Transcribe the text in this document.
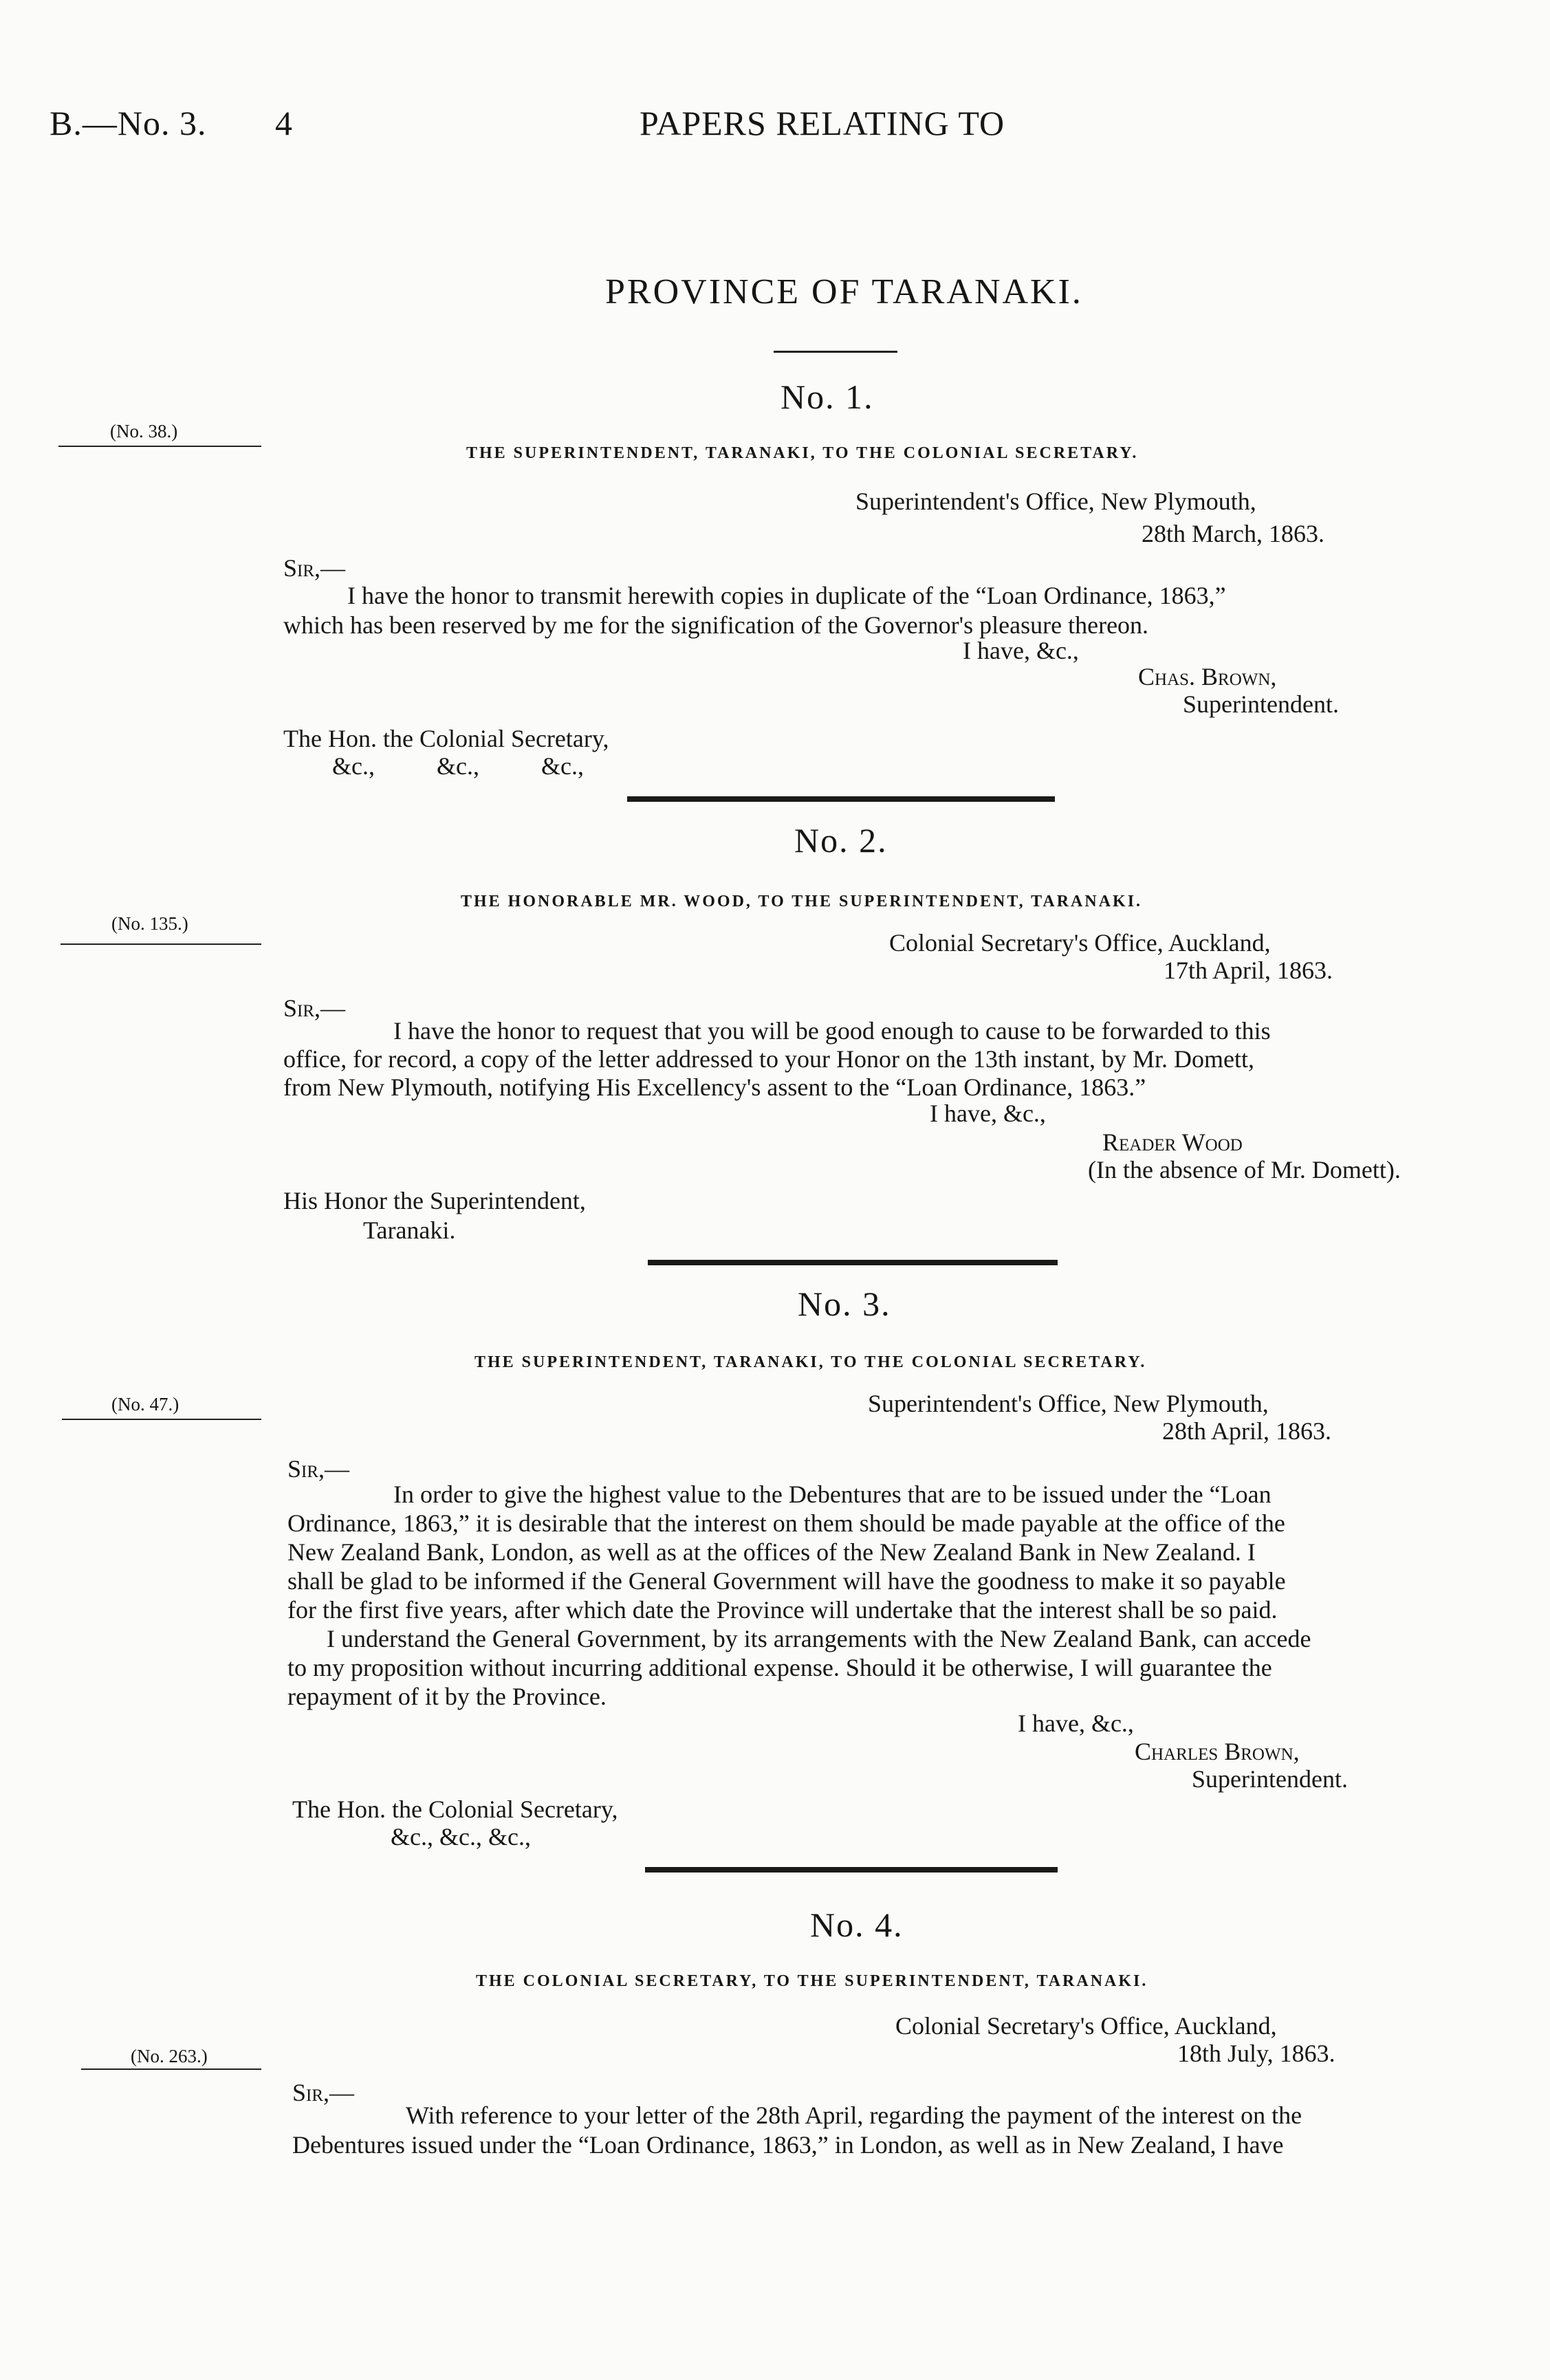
B.—No. 3. 4	PAPERS RELATING TO
PROVINCE OF TARANAKI.
No. 1.
(No. 38.)
THE SUPERINTENDENT, TARANAKI, TO THE COLONIAL SECRETARY.
Superintendent's Office, New Plymouth,
28th March, 1863.
Sir,—
I have the honor to transmit herewith copies in duplicate of the “Loan Ordinance, 1863,”
which has been reserved by me for the signification of the Governor's pleasure thereon.
I have, &c.,
Chas. Brown,
Superintendent.
The Hon. the Colonial Secretary,
&c.,          &c.,          &c.,
No. 2.
(No. 135.)
THE HONORABLE MR. WOOD, TO THE SUPERINTENDENT, TARANAKI.
Colonial Secretary's Office, Auckland,
17th April, 1863.
Sir,—
I have the honor to request that you will be good enough to cause to be forwarded to this
office, for record, a copy of the letter addressed to your Honor on the 13th instant, by Mr. Domett,
from New Plymouth, notifying His Excellency's assent to the “Loan Ordinance, 1863.”
I have, &c.,
Reader Wood
(In the absence of Mr. Domett).
His Honor the Superintendent,
Taranaki.
No. 3.
(No. 47.)
THE SUPERINTENDENT, TARANAKI, TO THE COLONIAL SECRETARY.
Superintendent's Office, New Plymouth,
28th April, 1863.
Sir,—
In order to give the highest value to the Debentures that are to be issued under the “Loan
Ordinance, 1863,” it is desirable that the interest on them should be made payable at the office of the
New Zealand Bank, London, as well as at the offices of the New Zealand Bank in New Zealand. I
shall be glad to be informed if the General Government will have the goodness to make it so payable
for the first five years, after which date the Province will undertake that the interest shall be so paid.
I understand the General Government, by its arrangements with the New Zealand Bank, can accede
to my proposition without incurring additional expense. Should it be otherwise, I will guarantee the
repayment of it by the Province.
I have, &c.,
Charles Brown,
Superintendent.
The Hon. the Colonial Secretary,
&c., &c., &c.,
No. 4.
(No. 263.)
THE COLONIAL SECRETARY, TO THE SUPERINTENDENT, TARANAKI.
Colonial Secretary's Office, Auckland,
18th July, 1863.
Sir,—
With reference to your letter of the 28th April, regarding the payment of the interest on the
Debentures issued under the “Loan Ordinance, 1863,” in London, as well as in New Zealand, I have
